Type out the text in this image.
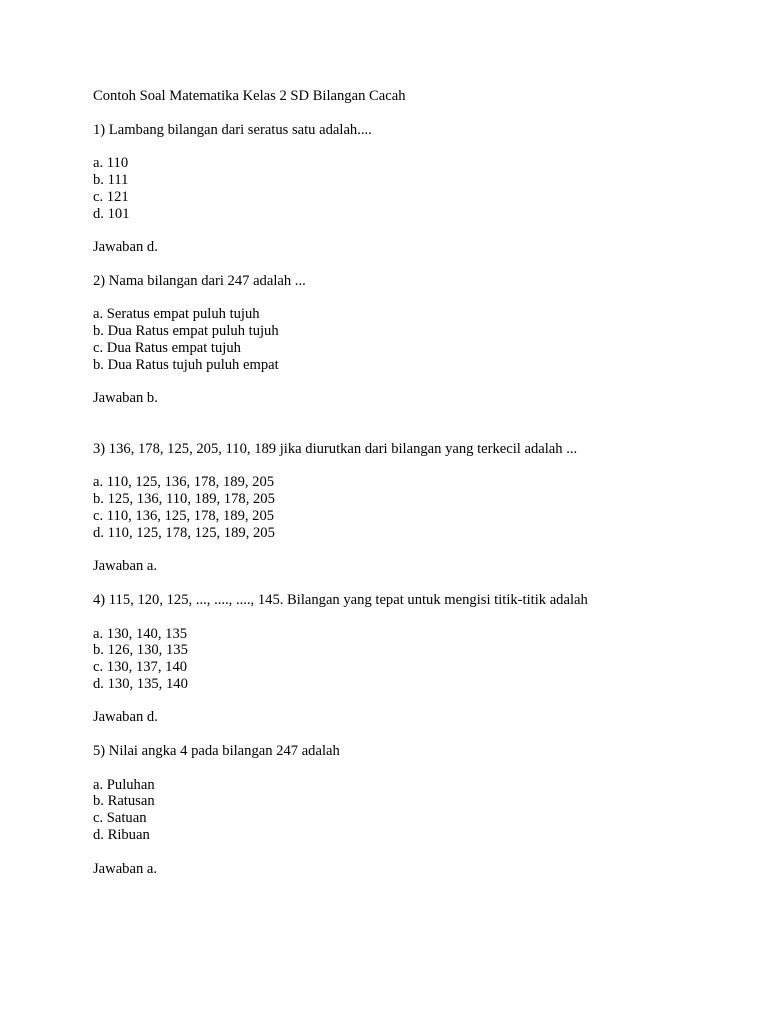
Contoh Soal Matematika Kelas 2 SD Bilangan Cacah
1) Lambang bilangan dari seratus satu adalah....
a. 110
b. 111
c. 121
d. 101
Jawaban d.
2) Nama bilangan dari 247 adalah ...
a. Seratus empat puluh tujuh
b. Dua Ratus empat puluh tujuh
c. Dua Ratus empat tujuh
b. Dua Ratus tujuh puluh empat
Jawaban b.
3) 136, 178, 125, 205, 110, 189 jika diurutkan dari bilangan yang terkecil adalah ...
a. 110, 125, 136, 178, 189, 205
b. 125, 136, 110, 189, 178, 205
c. 110, 136, 125, 178, 189, 205
d. 110, 125, 178, 125, 189, 205
Jawaban a.
4) 115, 120, 125, ..., ...., ...., 145. Bilangan yang tepat untuk mengisi titik-titik adalah
a. 130, 140, 135
b. 126, 130, 135
c. 130, 137, 140
d. 130, 135, 140
Jawaban d.
5) Nilai angka 4 pada bilangan 247 adalah
a. Puluhan
b. Ratusan
c. Satuan
d. Ribuan
Jawaban a.
